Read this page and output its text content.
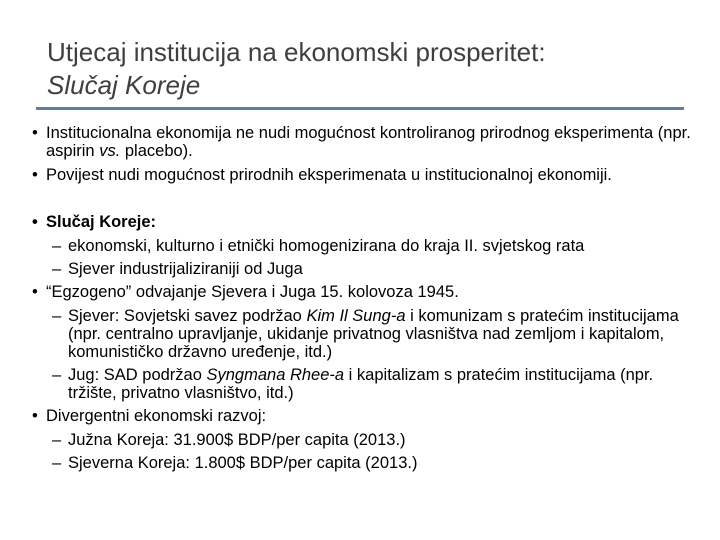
Utjecaj institucija na ekonomski prosperitet:
Slučaj Koreje
• Institucionalna ekonomija ne nudi mogućnost kontroliranog prirodnog eksperimenta (npr. aspirin vs. placebo).
• Povijest nudi mogućnost prirodnih eksperimenata u institucionalnoj ekonomiji.
• Slučaj Koreje:
– ekonomski, kulturno i etnički homogenizirana do kraja II. svjetskog rata
– Sjever industrijaliziraniji od Juga
• “Egzogeno” odvajanje Sjevera i Juga 15. kolovoza 1945.
– Sjever: Sovjetski savez podržao Kim Il Sung-a i komunizam s pratećim institucijama (npr. centralno upravljanje, ukidanje privatnog vlasništva nad zemljom i kapitalom, komunističko državno uređenje, itd.)
– Jug: SAD podržao Syngmana Rhee-a i kapitalizam s pratećim institucijama (npr. tržište, privatno vlasništvo, itd.)
• Divergentni ekonomski razvoj:
– Južna Koreja: 31.900$ BDP/per capita (2013.)
– Sjeverna Koreja: 1.800$ BDP/per capita (2013.)
